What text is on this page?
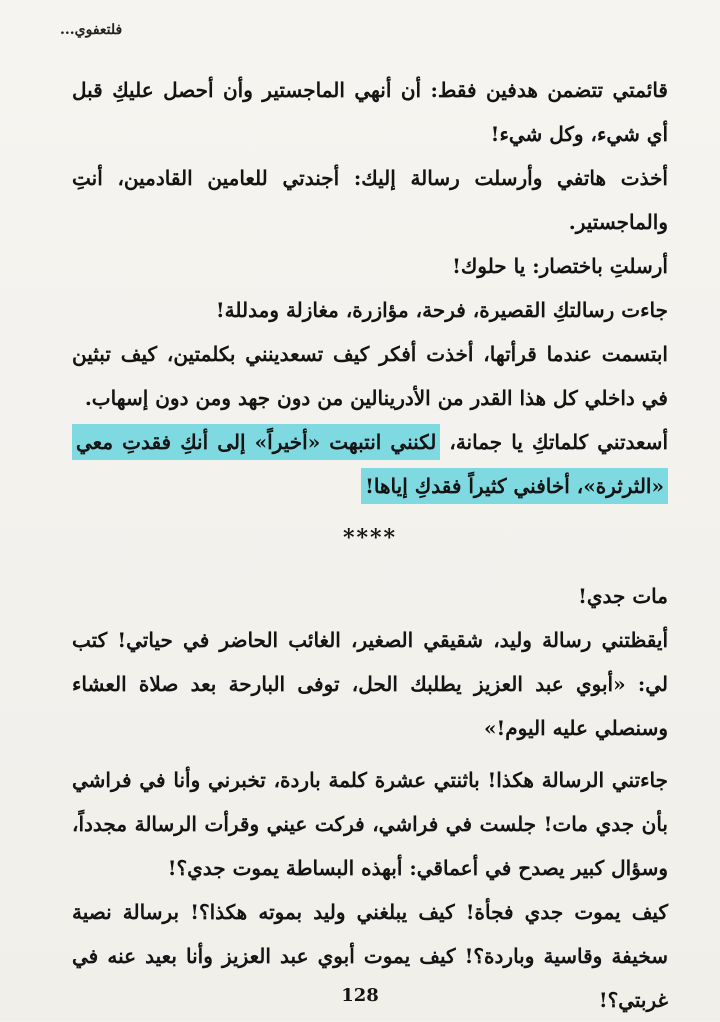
فلتعفوي...

قائمتي تتضمن هدفين فقط: أن أنهي الماجستير وأن أحصل عليكِ قبل أي شيء، وكل شيء!

أخذت هاتفي وأرسلت رسالة إليك: أجندتي للعامين القادمين، أنتِ والماجستير.

أرسلتِ باختصار: يا حلوك!

جاءت رسالتكِ القصيرة، فرحة، مؤازرة، مغازلة ومدللة!

ابتسمت عندما قرأتها، أخذت أفكر كيف تسعدينني بكلمتين، كيف تبثين في داخلي كل هذا القدر من الأدرينالين من دون جهد ومن دون إسهاب.

أسعدتني كلماتكِ يا جمانة، لكنني انتبهت «أخيراً» إلى أنكِ فقدتِ معي «الثرثرة»، أخافني كثيراً فقدكِ إياها!

****

مات جدي!

أيقظتني رسالة وليد، شقيقي الصغير، الغائب الحاضر في حياتي! كتب لي: «أبوي عبد العزيز يطلبك الحل، توفى البارحة بعد صلاة العشاء وسنصلي عليه اليوم!»

جاءتني الرسالة هكذا! باثنتي عشرة كلمة باردة، تخبرني وأنا في فراشي بأن جدي مات! جلست في فراشي، فركت عيني وقرأت الرسالة مجدداً، وسؤال كبير يصدح في أعماقي: أبهذه البساطة يموت جدي؟!

كيف يموت جدي فجأة! كيف يبلغني وليد بموته هكذا؟! برسالة نصية سخيفة وقاسية وباردة؟! كيف يموت أبوي عبد العزيز وأنا بعيد عنه في غربتي؟!

128
